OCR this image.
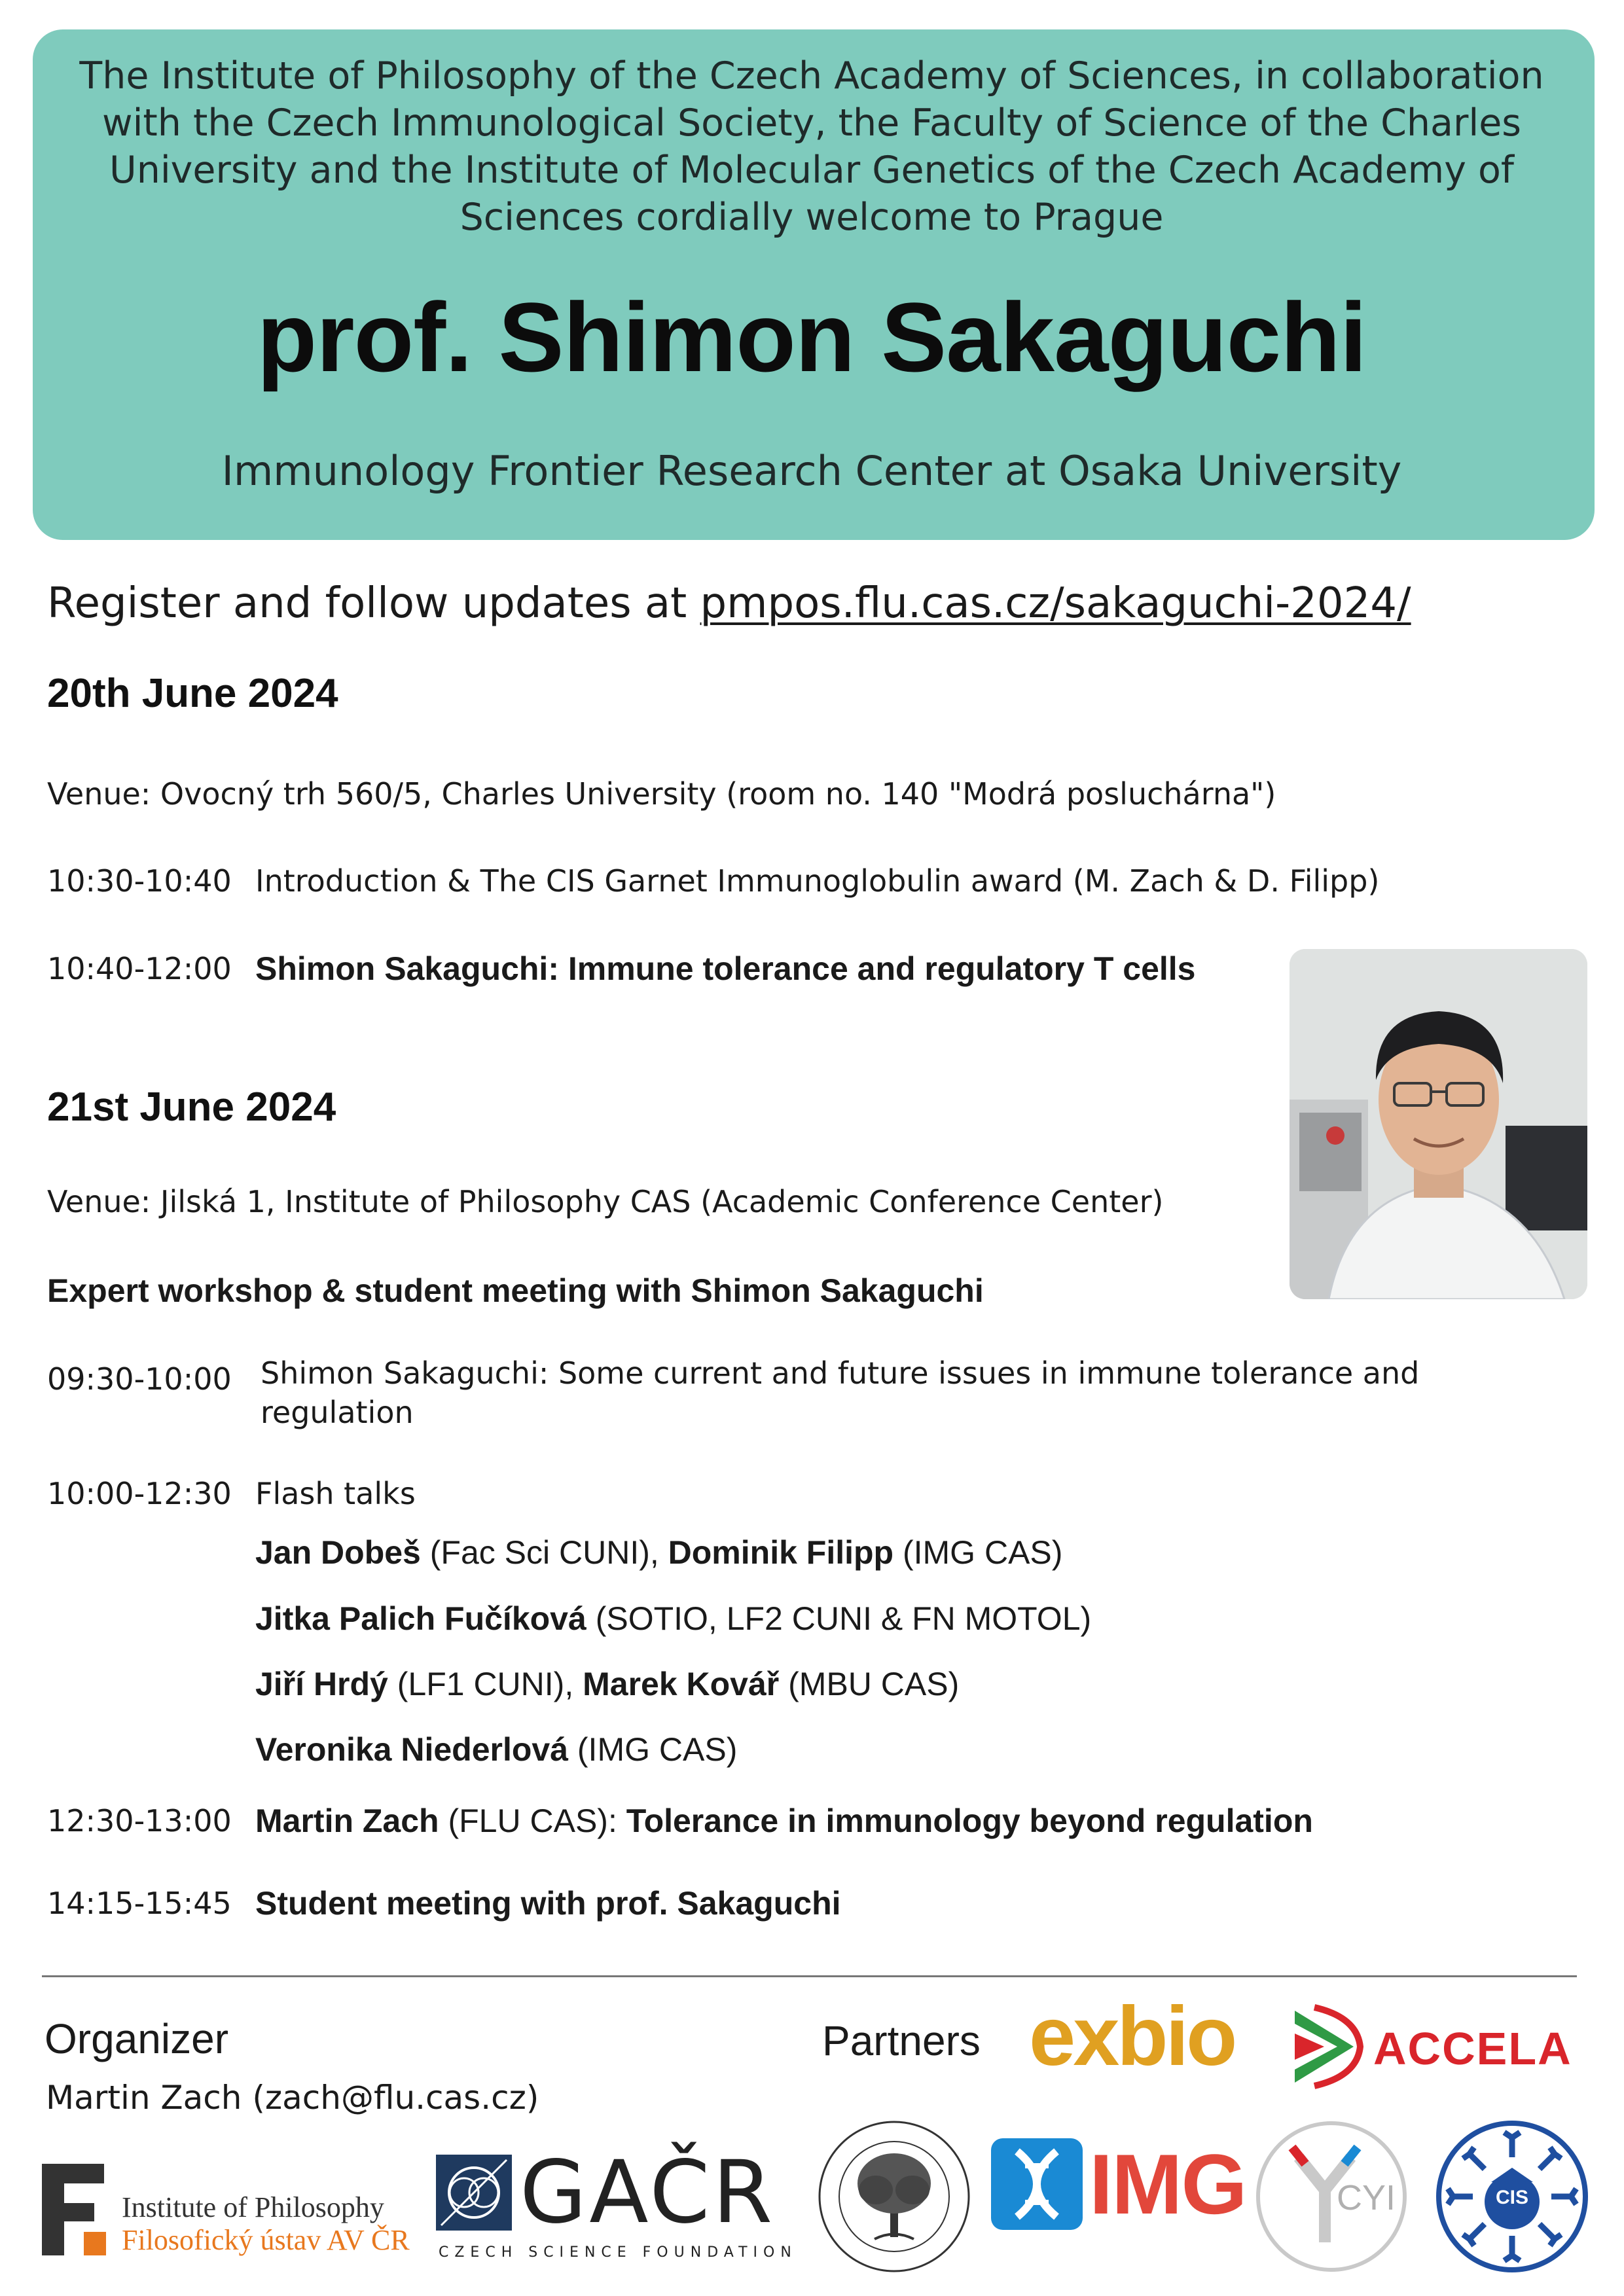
The Institute of Philosophy of the Czech Academy of Sciences, in collaboration with the Czech Immunological Society, the Faculty of Science of the Charles University and the Institute of Molecular Genetics of the Czech Academy of Sciences cordially welcome to Prague
prof. Shimon Sakaguchi
Immunology Frontier Research Center at Osaka University
Register and follow updates at pmpos.flu.cas.cz/sakaguchi-2024/
20th June 2024
Venue: Ovocný trh 560/5, Charles University (room no. 140 "Modrá posluchárna")
10:30-10:40 Introduction & The CIS Garnet Immunoglobulin award (M. Zach & D. Filipp)
10:40-12:00 Shimon Sakaguchi: Immune tolerance and regulatory T cells
21st June 2024
Venue: Jilská 1, Institute of Philosophy CAS (Academic Conference Center)
Expert workshop & student meeting with Shimon Sakaguchi
09:30-10:00 Shimon Sakaguchi: Some current and future issues in immune tolerance and
regulation
10:00-12:30 Flash talks
Jan Dobeš (Fac Sci CUNI), Dominik Filipp (IMG CAS)
Jitka Palich Fučíková (SOTIO, LF2 CUNI & FN MOTOL)
Jiří Hrdý (LF1 CUNI), Marek Kovář (MBU CAS)
Veronika Niederlová (IMG CAS)
12:30-13:00 Martin Zach (FLU CAS): Tolerance in immunology beyond regulation
14:15-15:45 Student meeting with prof. Sakaguchi
Organizer
Martin Zach (zach@flu.cas.cz)
Partners exbio	ACCELA
Institute of Philosophy
Filosofický ústav AV ČR GAČR
CZECH SCIENCE FOUNDATION
IMG	CYI	CIS
